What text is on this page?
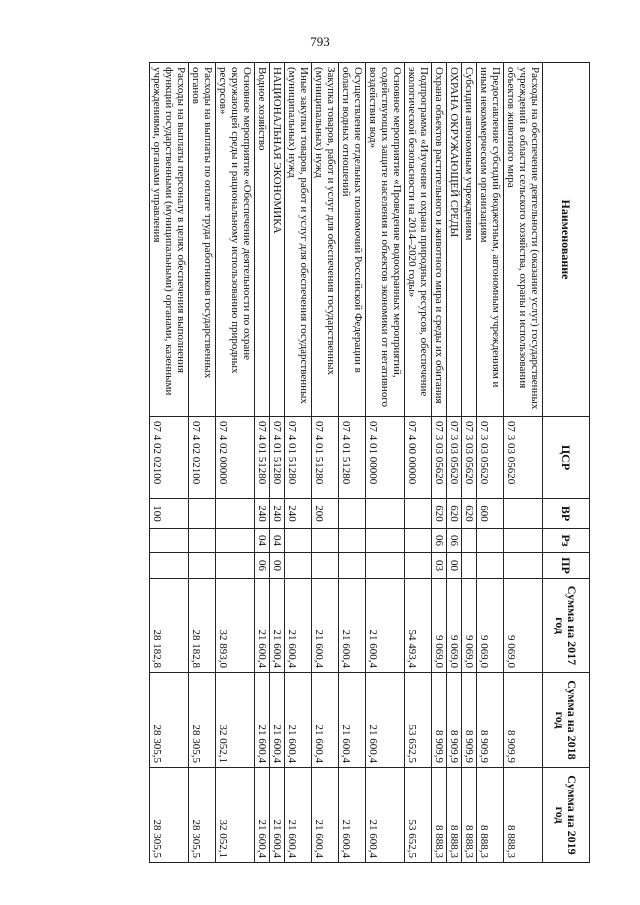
793
Наименование	ЦСР	ВР	Рз	ПР	Сумма на 2017 год	Сумма на 2018 год	Сумма на 2019 год
Расходы на обеспечение деятельности (оказание услуг) государственных учреждений в области сельского хозяйства, охраны и использования объектов животного мира	07 3 03 05620				9 069,0	8 909,9	8 888,3
Предоставление субсидий бюджетным, автономным учреждениям и иным некоммерческим организациям	07 3 03 05620	600			9 069,0	8 909,9	8 888,3
Субсидии автономным учреждениям	07 3 03 05620	620			9 069,0	8 909,9	8 888,3
ОХРАНА ОКРУЖАЮЩЕЙ СРЕДЫ	07 3 03 05620	620	06	00	9 069,0	8 909,9	8 888,3
Охрана объектов растительного и животного мира и среды их обитания	07 3 03 05620	620	06	03	9 069,0	8 909,9	8 888,3
Подпрограмма «Изучение и охрана природных ресурсов, обеспечение экологической безопасности на 2014–2020 годы»	07 4 00 00000				54 493,4	53 652,5	53 652,5
Основное мероприятие «Проведение водоохранных мероприятий, содействующих защите населения и объектов экономики от негативного воздействия вод»	07 4 01 00000				21 600,4	21 600,4	21 600,4
Осуществление отдельных полномочий Российской Федерации в области водных отношений	07 4 01 51280				21 600,4	21 600,4	21 600,4
Закупка товаров, работ и услуг для обеспечения государственных (муниципальных) нужд	07 4 01 51280	200			21 600,4	21 600,4	21 600,4
Иные закупки товаров, работ и услуг для обеспечения государственных (муниципальных) нужд	07 4 01 51280	240			21 600,4	21 600,4	21 600,4
НАЦИОНАЛЬНАЯ ЭКОНОМИКА	07 4 01 51280	240	04	00	21 600,4	21 600,4	21 600,4
Водное хозяйство	07 4 01 51280	240	04	06	21 600,4	21 600,4	21 600,4
Основное мероприятие «Обеспечение деятельности по охране окружающей среды и рациональному использованию природных ресурсов»	07 4 02 00000				32 893,0	32 052,1	32 052,1
Расходы на выплаты по оплате труда работников государственных органов	07 4 02 02100				28 182,8	28 305,5	28 305,5
Расходы на выплаты персоналу в целях обеспечения выполнения функций государственными (муниципальными) органами, казенными учреждениями, органами управления	07 4 02 02100	100			28 182,8	28 305,5	28 305,5
